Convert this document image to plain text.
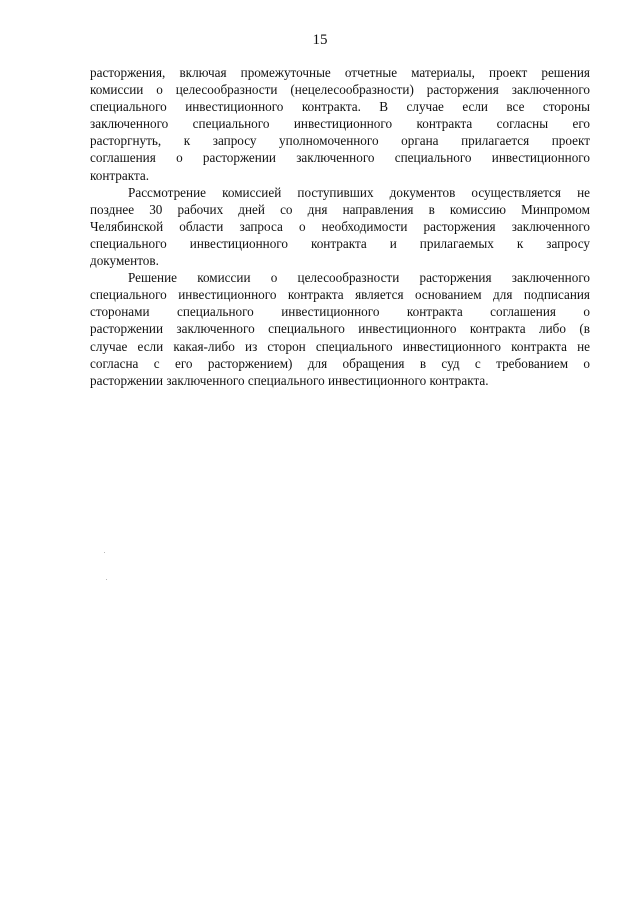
15
расторжения, включая промежуточные отчетные материалы, проект решения
комиссии о целесообразности (нецелесообразности) расторжения заключенного
специального инвестиционного контракта. В случае если все стороны
заключенного специального инвестиционного контракта согласны его
расторгнуть, к запросу уполномоченного органа прилагается проект
соглашения о расторжении заключенного специального инвестиционного
контракта.
Рассмотрение комиссией поступивших документов осуществляется не
позднее 30 рабочих дней со дня направления в комиссию Минпромом
Челябинской области запроса о необходимости расторжения заключенного
специального инвестиционного контракта и прилагаемых к запросу
документов.
Решение комиссии о целесообразности расторжения заключенного
специального инвестиционного контракта является основанием для подписания
сторонами специального инвестиционного контракта соглашения о
расторжении заключенного специального инвестиционного контракта либо (в
случае если какая-либо из сторон специального инвестиционного контракта не
согласна с его расторжением) для обращения в суд с требованием о
расторжении заключенного специального инвестиционного контракта.
